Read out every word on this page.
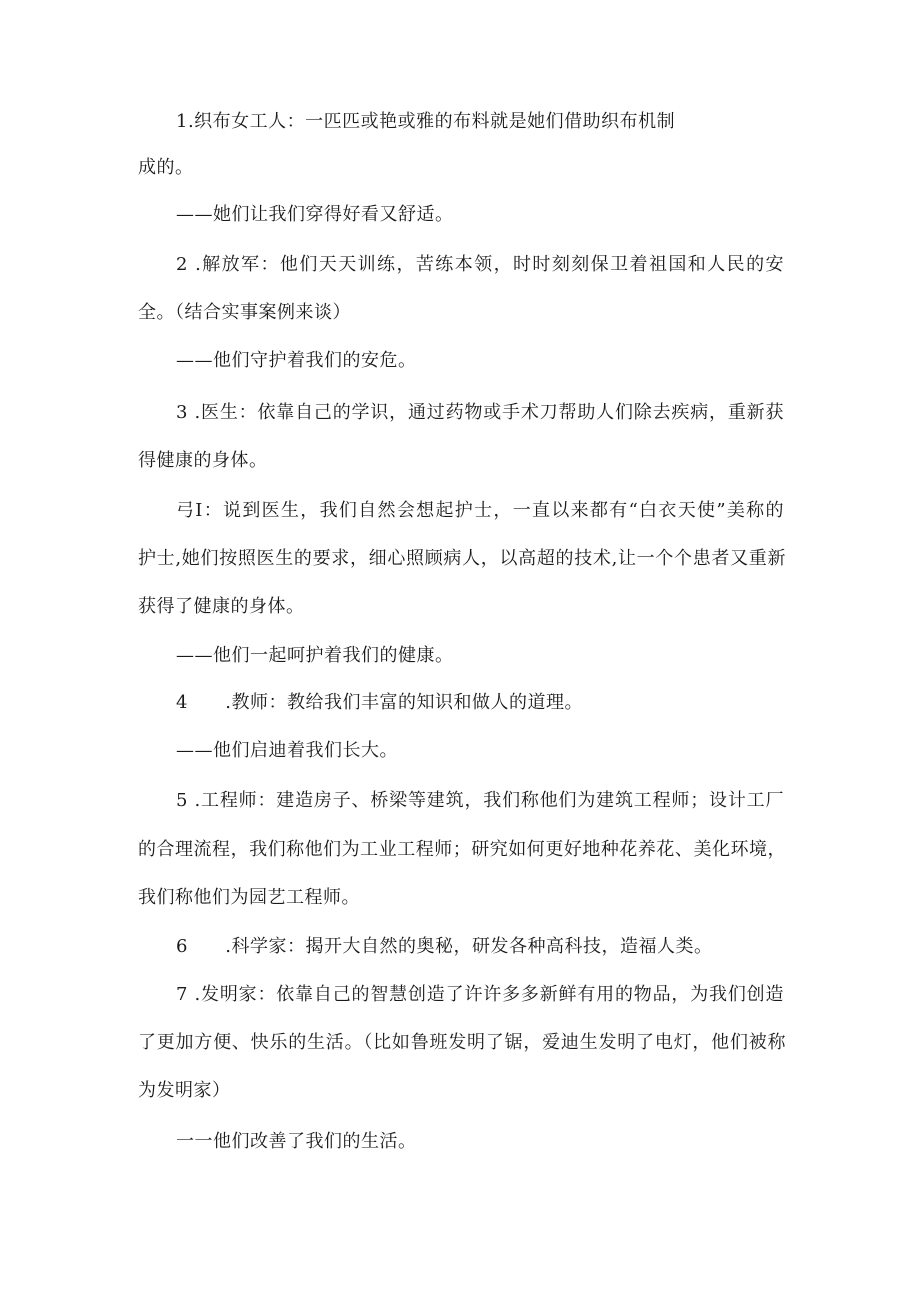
1.织布女工人：一匹匹或艳或雅的布料就是她们借助织布机制
成的。
——她们让我们穿得好看又舒适。
2 .解放军：他们天天训练，苦练本领，时时刻刻保卫着祖国和人民的安
全。（结合实事案例来谈）
——他们守护着我们的安危。
3 .医生：依靠自己的学识，通过药物或手术刀帮助人们除去疾病，重新获
得健康的身体。
弓I：说到医生，我们自然会想起护士，一直以来都有“白衣天使”美称的
护士,她们按照医生的要求，细心照顾病人，以高超的技术,让一个个患者又重新
获得了健康的身体。
——他们一起呵护着我们的健康。
4      .教师：教给我们丰富的知识和做人的道理。
——他们启迪着我们长大。
5 .工程师：建造房子、桥梁等建筑，我们称他们为建筑工程师；设计工厂
的合理流程，我们称他们为工业工程师；研究如何更好地种花养花、美化环境，
我们称他们为园艺工程师。
6      .科学家：揭开大自然的奥秘，研发各种高科技，造福人类。
7 .发明家：依靠自己的智慧创造了许许多多新鲜有用的物品，为我们创造
了更加方便、快乐的生活。（比如鲁班发明了锯，爱迪生发明了电灯，他们被称
为发明家）
一一他们改善了我们的生活。
